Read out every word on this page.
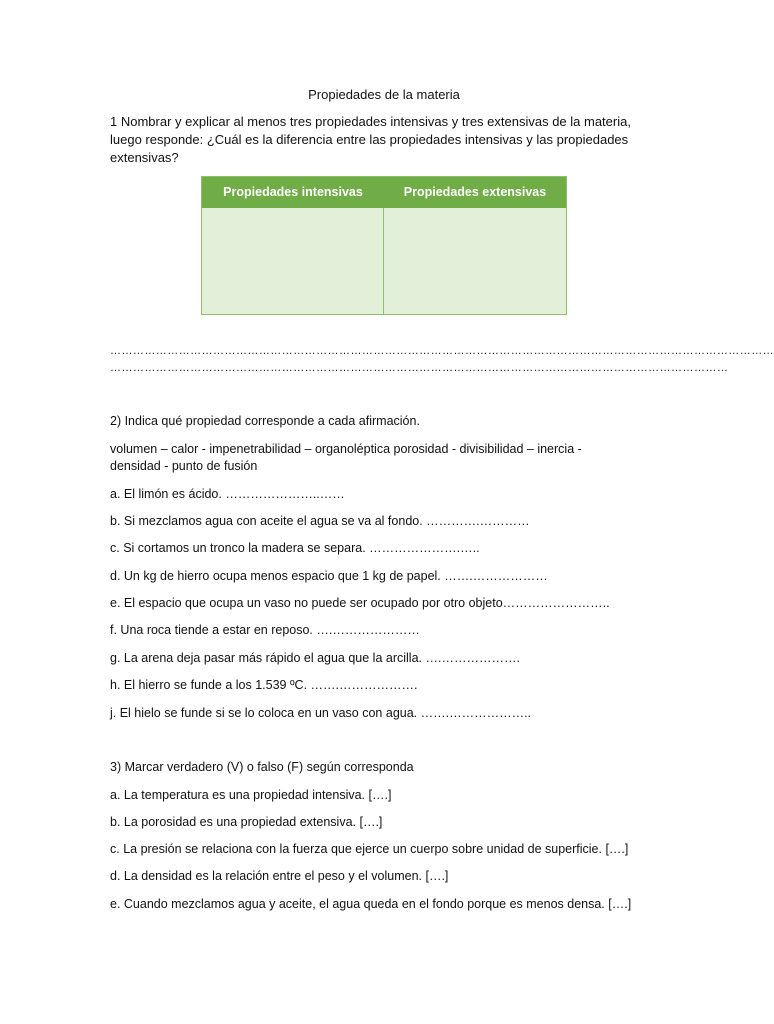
Propiedades de la materia
1 Nombrar y explicar al menos tres propiedades intensivas y tres extensivas de la materia,
luego responde: ¿Cuál es la diferencia entre las propiedades intensivas y las propiedades
extensivas?
Propiedades intensivas	Propiedades extensivas
…………………………………………………………………………………………………………………………………………………………
………………………………………………………………………………………………………………………………………………
2) Indica qué propiedad corresponde a cada afirmación.
volumen – calor - impenetrabilidad – organoléptica porosidad - divisibilidad – inercia -
densidad - punto de fusión
a. El limón es ácido. …………………..……
b. Si mezclamos agua con aceite el agua se va al fondo. ………….…………
c. Si cortamos un tronco la madera se separa. ………………….…..
d. Un kg de hierro ocupa menos espacio que 1 kg de papel. …….………………
e. El espacio que ocupa un vaso no puede ser ocupado por otro objeto……………………..
f. Una roca tiende a estar en reposo. ….…………………
g. La arena deja pasar más rápido el agua que la arcilla. ….……………….
h. El hierro se funde a los 1.539 ºC. …….……………….
j. El hielo se funde si se lo coloca en un vaso con agua. …….………………..
3) Marcar verdadero (V) o falso (F) según corresponda
a. La temperatura es una propiedad intensiva. [….]
b. La porosidad es una propiedad extensiva. [….]
c. La presión se relaciona con la fuerza que ejerce un cuerpo sobre unidad de superficie. [….]
d. La densidad es la relación entre el peso y el volumen. [….]
e. Cuando mezclamos agua y aceite, el agua queda en el fondo porque es menos densa. [….]
